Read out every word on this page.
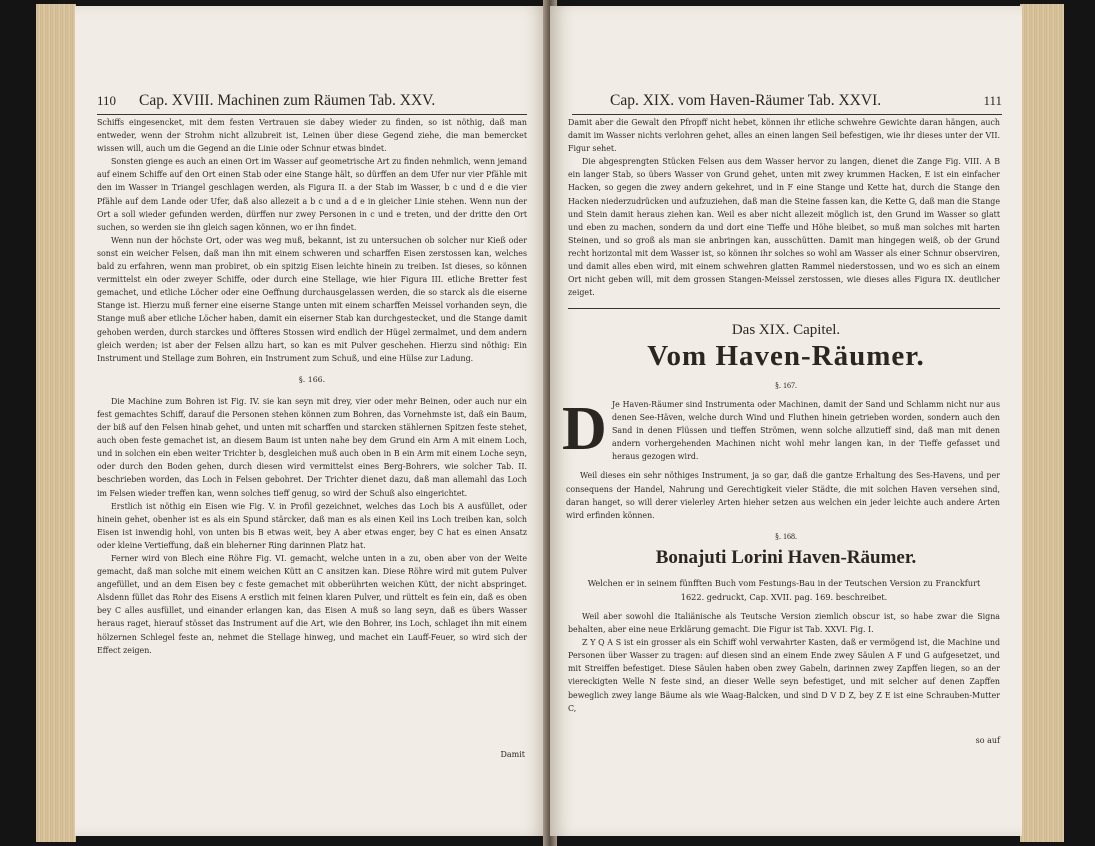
110 Cap. XVIII. Machinen zum Räumen Tab. XXV.

Schiffs eingesencket, mit dem festen Vertrauen sie dabey wieder zu finden, so ist nöthig, daß man entweder, wenn der Strohm nicht allzubreit ist, Leinen über diese Gegend ziehe, die man bemercket wissen will, auch um die Gegend an die Linie oder Schnur etwas bindet.

Sonsten gienge es auch an einen Ort im Wasser auf geometrische Art zu finden nehmlich, wenn jemand auf einem Schiffe auf den Ort einen Stab oder eine Stange hält, so dürffen an dem Ufer nur vier Pfähle mit den im Wasser in Triangel geschlagen werden, als Figura II. a der Stab im Wasser, b c und d e die vier Pfähle auf dem Lande oder Ufer, daß also allezeit a b c und a d e in gleicher Linie stehen. Wenn nun der Ort a soll wieder gefunden werden, dürffen nur zwey Personen in c und e treten, und der dritte den Ort suchen, so werden sie ihn gleich sagen können, wo er ihn findet.

Wenn nun der höchste Ort, oder was weg muß, bekannt, ist zu untersuchen ob solcher nur Kieß oder sonst ein weicher Felsen, daß man ihn mit einem schweren und scharffen Eisen zerstossen kan, welches bald zu erfahren, wenn man probiret, ob ein spitzig Eisen leichte hinein zu treiben. Ist dieses, so können vermittelst ein oder zweyer Schiffe, oder durch eine Stellage, wie hier Figura III. etliche Bretter fest gemachet, und etliche Löcher oder eine Oeffnung durchausgelassen werden, die so starck als die eiserne Stange ist. Hierzu muß ferner eine eiserne Stange unten mit einem scharffen Meissel vorhanden seyn, die Stange muß aber etliche Löcher haben, damit ein eiserner Stab kan durchgestecket, und die Stange damit gehoben werden, durch starckes und öffteres Stossen wird endlich der Hügel zermalmet, und dem andern gleich werden; ist aber der Felsen allzu hart, so kan es mit Pulver geschehen. Hierzu sind nöthig: Ein Instrument und Stellage zum Bohren, ein Instrument zum Schuß, und eine Hülse zur Ladung.

§. 166.

Die Machine zum Bohren ist Fig. IV. sie kan seyn mit drey, vier oder mehr Beinen, oder auch nur ein fest gemachtes Schiff, darauf die Personen stehen können zum Bohren, das Vornehmste ist, daß ein Baum, der biß auf den Felsen hinab gehet, und unten mit scharffen und starcken stählernen Spitzen feste stehet, auch oben feste gemachet ist, an diesem Baum ist unten nahe bey dem Grund ein Arm A mit einem Loch, und in solchen ein eben weiter Trichter b, desgleichen muß auch oben in B ein Arm mit einem Loche seyn, oder durch den Boden gehen, durch diesen wird vermittelst eines Berg-Bohrers, wie solcher Tab. II. beschrieben worden, das Loch in Felsen gebohret. Der Trichter dienet dazu, daß man allemahl das Loch im Felsen wieder treffen kan, wenn solches tieff genug, so wird der Schuß also eingerichtet.

Erstlich ist nöthig ein Eisen wie Fig. V. in Profil gezeichnet, welches das Loch bis A ausfüllet, oder hinein gehet, obenher ist es als ein Spund stärcker, daß man es als einen Keil ins Loch treiben kan, solch Eisen ist inwendig hohl, von unten bis B etwas weit, bey A aber etwas enger, bey C hat es einen Ansatz oder kleine Vertieffung, daß ein bleherner Ring darinnen Platz hat.

Ferner wird von Blech eine Röhre Fig. VI. gemacht, welche unten in a zu, oben aber von der Weite gemacht, daß man solche mit einem weichen Kütt an C ansitzen kan. Diese Röhre wird mit gutem Pulver angefüllet, und an dem Eisen bey c feste gemachet mit obberührten weichen Kütt, der nicht abspringet. Alsdenn füllet das Rohr des Eisens A erstlich mit feinen klaren Pulver, und rüttelt es fein ein, daß es oben bey C alles ausfüllet, und einander erlangen kan, das Eisen A muß so lang seyn, daß es übers Wasser heraus raget, hierauf stösset das Instrument auf die Art, wie den Bohrer, ins Loch, schlaget ihn mit einem hölzernen Schlegel feste an, nehmet die Stellage hinweg, und machet ein Lauff-Feuer, so wird sich der Effect zeigen.

Damit
Cap. XIX. vom Haven-Räumer Tab. XXVI.	111

Damit aber die Gewalt den Pfropff nicht hebet, können ihr etliche schwehre Gewichte daran hängen, auch damit im Wasser nichts verlohren gehet, alles an einen langen Seil befestigen, wie ihr dieses unter der VII. Figur sehet.

Die abgesprengten Stücken Felsen aus dem Wasser hervor zu langen, dienet die Zange Fig. VIII. A B ein langer Stab, so übers Wasser von Grund gehet, unten mit zwey krummen Hacken, E ist ein einfacher Hacken, so gegen die zwey andern gekehret, und in F eine Stange und Kette hat, durch die Stange den Hacken niederzudrücken und aufzuziehen, daß man die Steine fassen kan, die Kette G, daß man die Stange und Stein damit heraus ziehen kan. Weil es aber nicht allezeit möglich ist, den Grund im Wasser so glatt und eben zu machen, sondern da und dort eine Tieffe und Höhe bleibet, so muß man solches mit harten Steinen, und so groß als man sie anbringen kan, ausschütten. Damit man hingegen weiß, ob der Grund recht horizontal mit dem Wasser ist, so können ihr solches so wohl am Wasser als einer Schnur observiren, und damit alles eben wird, mit einem schwehren glatten Rammel niederstossen, und wo es sich an einem Ort nicht geben will, mit dem grossen Stangen-Meissel zerstossen, wie dieses alles Figura IX. deutlicher zeiget.

Das XIX. Capitel.
Vom Haven-Räumer.
§. 167.
D Je Haven-Räumer sind Instrumenta oder Machinen, damit der Sand und Schlamm nicht nur aus denen See-Häven, welche durch Wind und Fluthen hinein getrieben worden, sondern auch den Sand in denen Flüssen und tieffen Strömen, wenn solche allzutieff sind, daß man mit denen andern vorhergehenden Machinen nicht wohl mehr langen kan, in der Tieffe gefasset und heraus gezogen wird.

Weil dieses ein sehr nöthiges Instrument, ja so gar, daß die gantze Erhaltung des Ses-Havens, und per consequens der Handel, Nahrung und Gerechtigkeit vieler Städte, die mit solchen Haven versehen sind, daran hanget, so will derer vielerley Arten hieher setzen aus welchen ein jeder leichte auch andere Arten wird erfinden können.

§. 168.
Bonajuti Lorini Haven-Räumer.
Welchen er in seinem fünfften Buch vom Festungs-Bau in der Teutschen Version zu Franckfurt 1622. gedruckt, Cap. XVII. pag. 169. beschreibet.

Weil aber sowohl die Italiänische als Teutsche Version ziemlich obscur ist, so habe zwar die Signa behalten, aber eine neue Erklärung gemacht. Die Figur ist Tab. XXVI. Fig. I.

Z Y Q A S ist ein grosser als ein Schiff wohl verwahrter Kasten, daß er vermögend ist, die Machine und Personen über Wasser zu tragen: auf diesen sind an einem Ende zwey Säulen A F und G aufgesetzet, und mit Streiffen befestiget. Diese Säulen haben oben zwey Gabeln, darinnen zwey Zapffen liegen, so an der viereckigten Welle N feste sind, an dieser Welle seyn befestiget, und mit selcher auf denen Zapffen beweglich zwey lange Bäume als wie Waag-Balcken, und sind D V D Z, bey Z E ist eine Schrauben-Mutter C,

so auf
